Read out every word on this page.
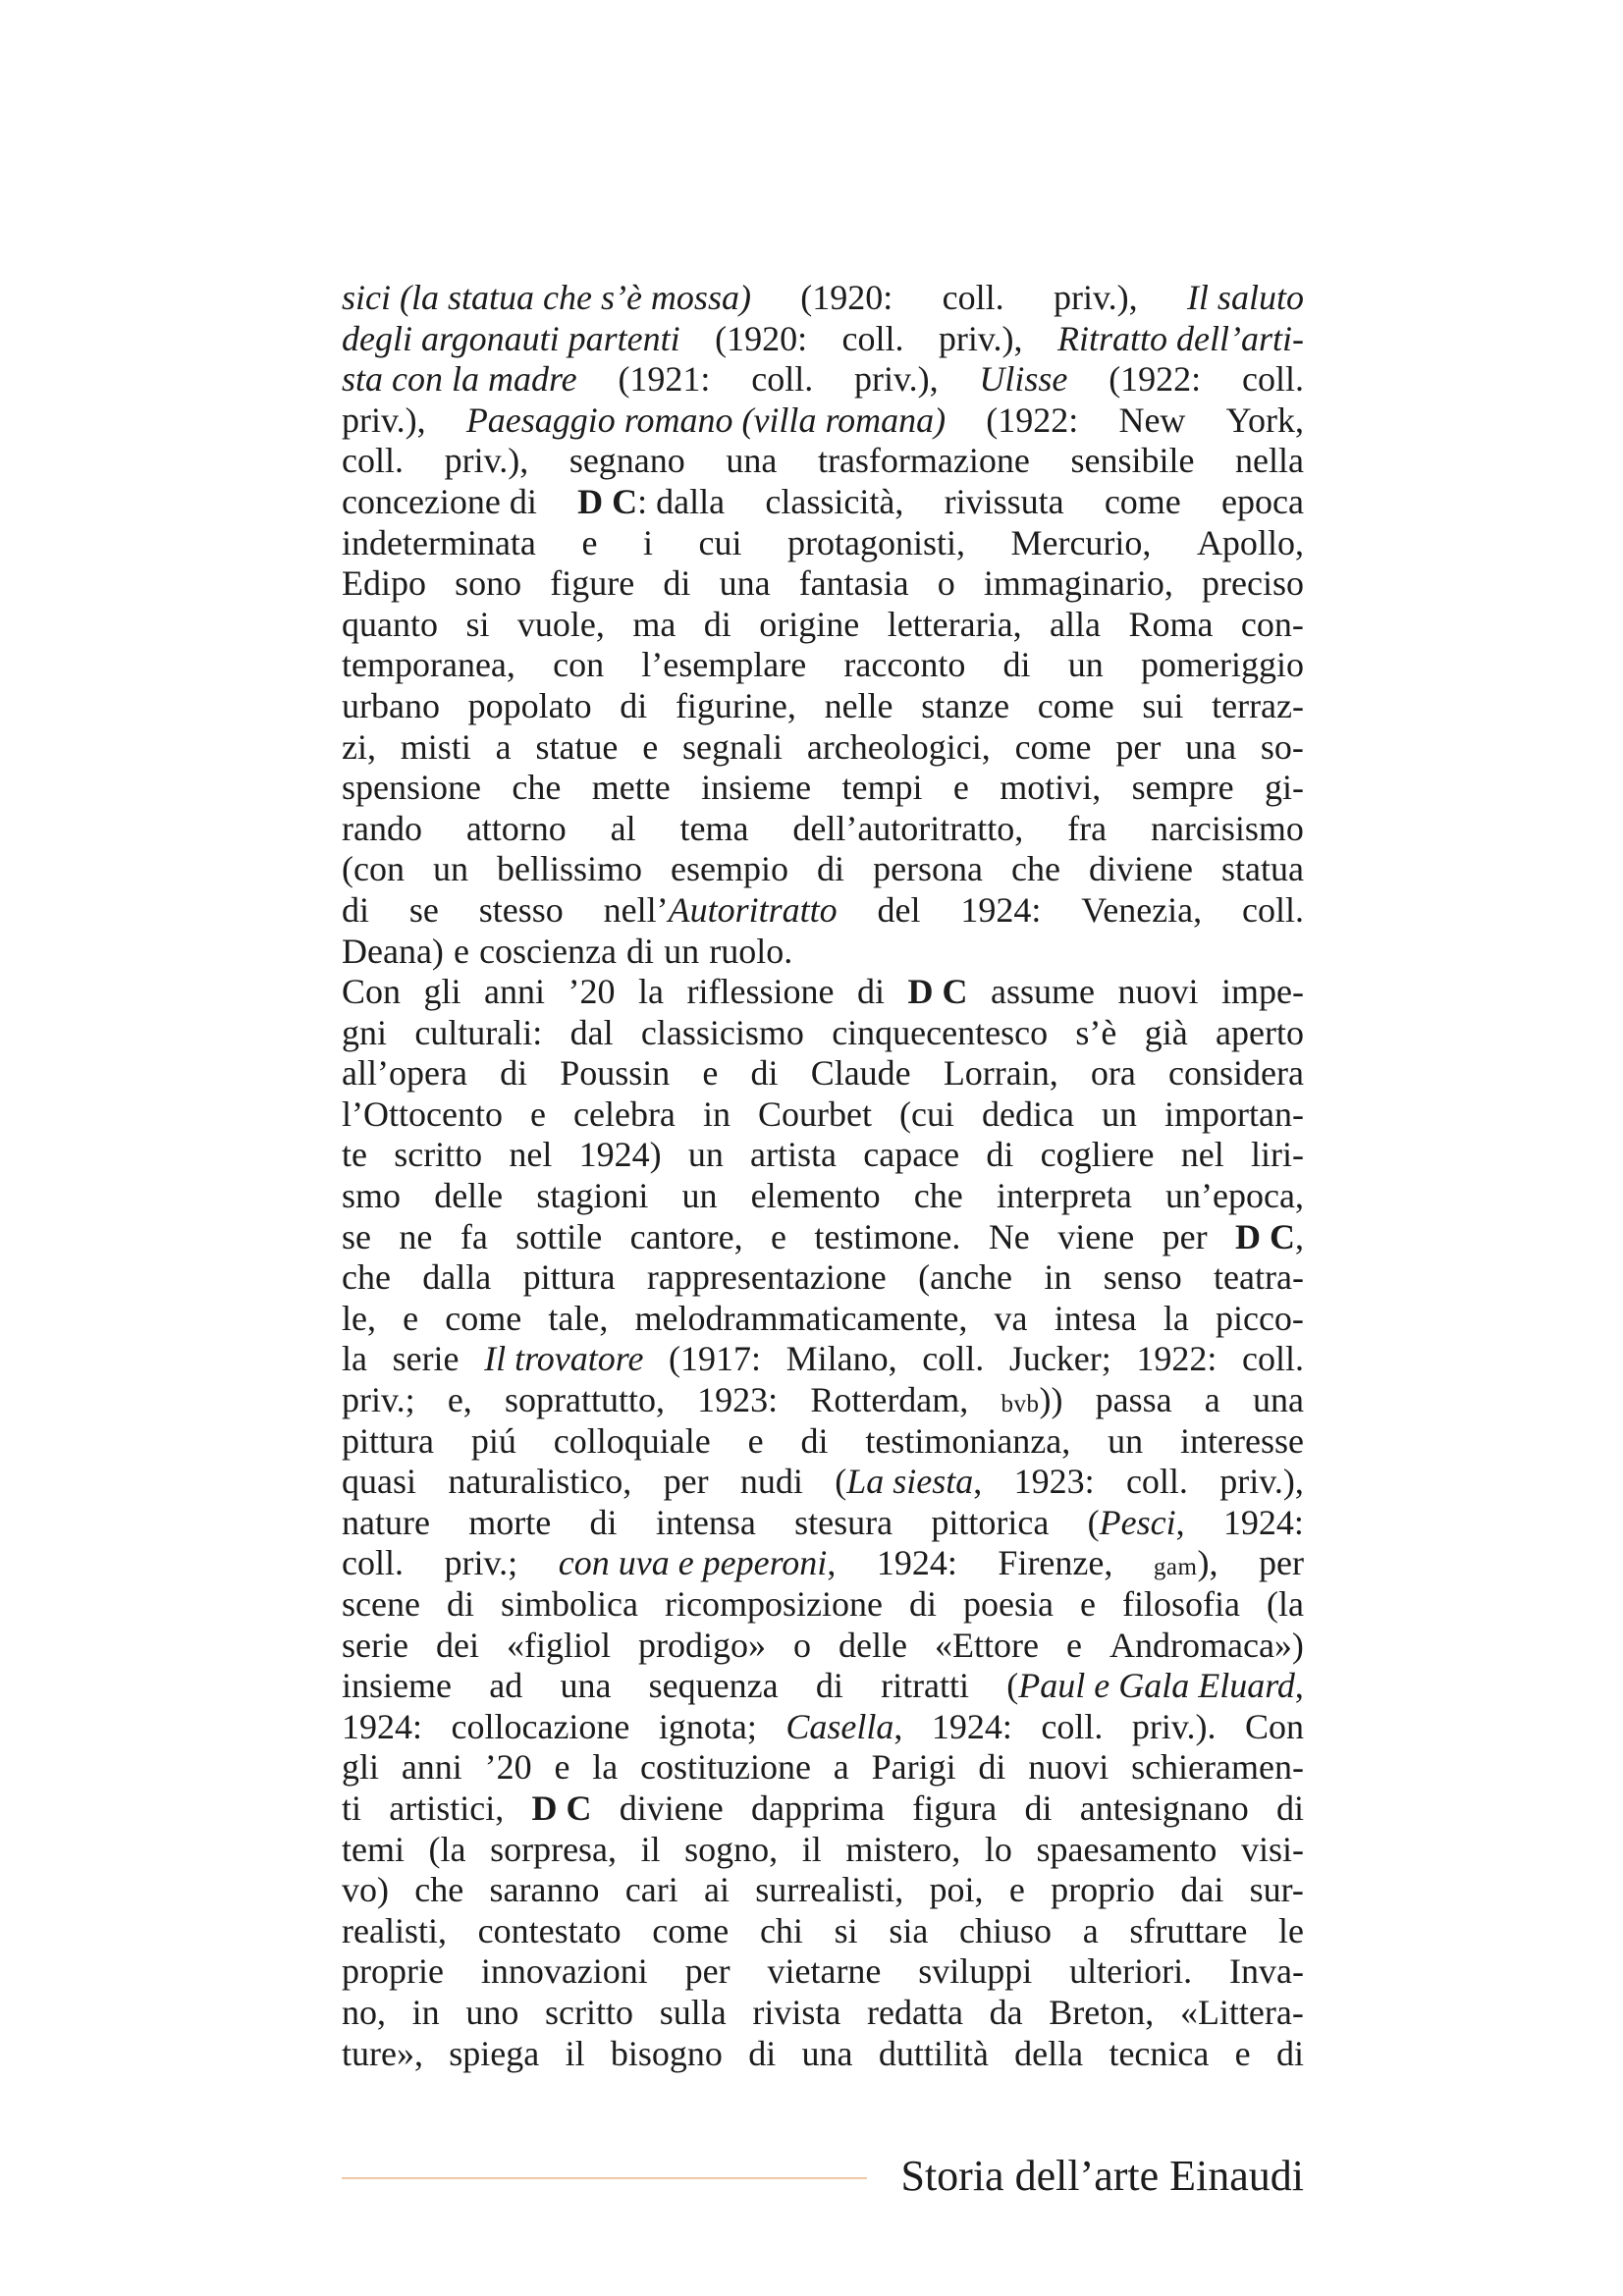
sici (la statua che s’è mossa) (1920: coll. priv.), Il saluto
degli argonauti partenti (1920: coll. priv.), Ritratto dell’arti-
sta con la madre (1921: coll. priv.), Ulisse (1922: coll.
priv.), Paesaggio romano (villa romana) (1922: New York,
coll. priv.), segnano una trasformazione sensibile nella
concezione di D C: dalla classicità, rivissuta come epoca
indeterminata e i cui protagonisti, Mercurio, Apollo,
Edipo sono figure di una fantasia o immaginario, preciso
quanto si vuole, ma di origine letteraria, alla Roma con-
temporanea, con l’esemplare racconto di un pomeriggio
urbano popolato di figurine, nelle stanze come sui terraz-
zi, misti a statue e segnali archeologici, come per una so-
spensione che mette insieme tempi e motivi, sempre gi-
rando attorno al tema dell’autoritratto, fra narcisismo
(con un bellissimo esempio di persona che diviene statua
di se stesso nell’Autoritratto del 1924: Venezia, coll.
Deana) e coscienza di un ruolo.
Con gli anni ’20 la riflessione di D C assume nuovi impe-
gni culturali: dal classicismo cinquecentesco s’è già aperto
all’opera di Poussin e di Claude Lorrain, ora considera
l’Ottocento e celebra in Courbet (cui dedica un importan-
te scritto nel 1924) un artista capace di cogliere nel liri-
smo delle stagioni un elemento che interpreta un’epoca,
se ne fa sottile cantore, e testimone. Ne viene per D C,
che dalla pittura rappresentazione (anche in senso teatra-
le, e come tale, melodrammaticamente, va intesa la picco-
la serie Il trovatore (1917: Milano, coll. Jucker; 1922: coll.
priv.; e, soprattutto, 1923: Rotterdam, bvb)) passa a una
pittura piú colloquiale e di testimonianza, un interesse
quasi naturalistico, per nudi (La siesta, 1923: coll. priv.),
nature morte di intensa stesura pittorica (Pesci, 1924:
coll. priv.; con uva e peperoni, 1924: Firenze, gam), per
scene di simbolica ricomposizione di poesia e filosofia (la
serie dei «figliol prodigo» o delle «Ettore e Andromaca»)
insieme ad una sequenza di ritratti (Paul e Gala Eluard,
1924: collocazione ignota; Casella, 1924: coll. priv.). Con
gli anni ’20 e la costituzione a Parigi di nuovi schieramen-
ti artistici, D C diviene dapprima figura di antesignano di
temi (la sorpresa, il sogno, il mistero, lo spaesamento visi-
vo) che saranno cari ai surrealisti, poi, e proprio dai sur-
realisti, contestato come chi si sia chiuso a sfruttare le
proprie innovazioni per vietarne sviluppi ulteriori. Inva-
no, in uno scritto sulla rivista redatta da Breton, «Littera-
ture», spiega il bisogno di una duttilità della tecnica e di
Storia dell’arte Einaudi
